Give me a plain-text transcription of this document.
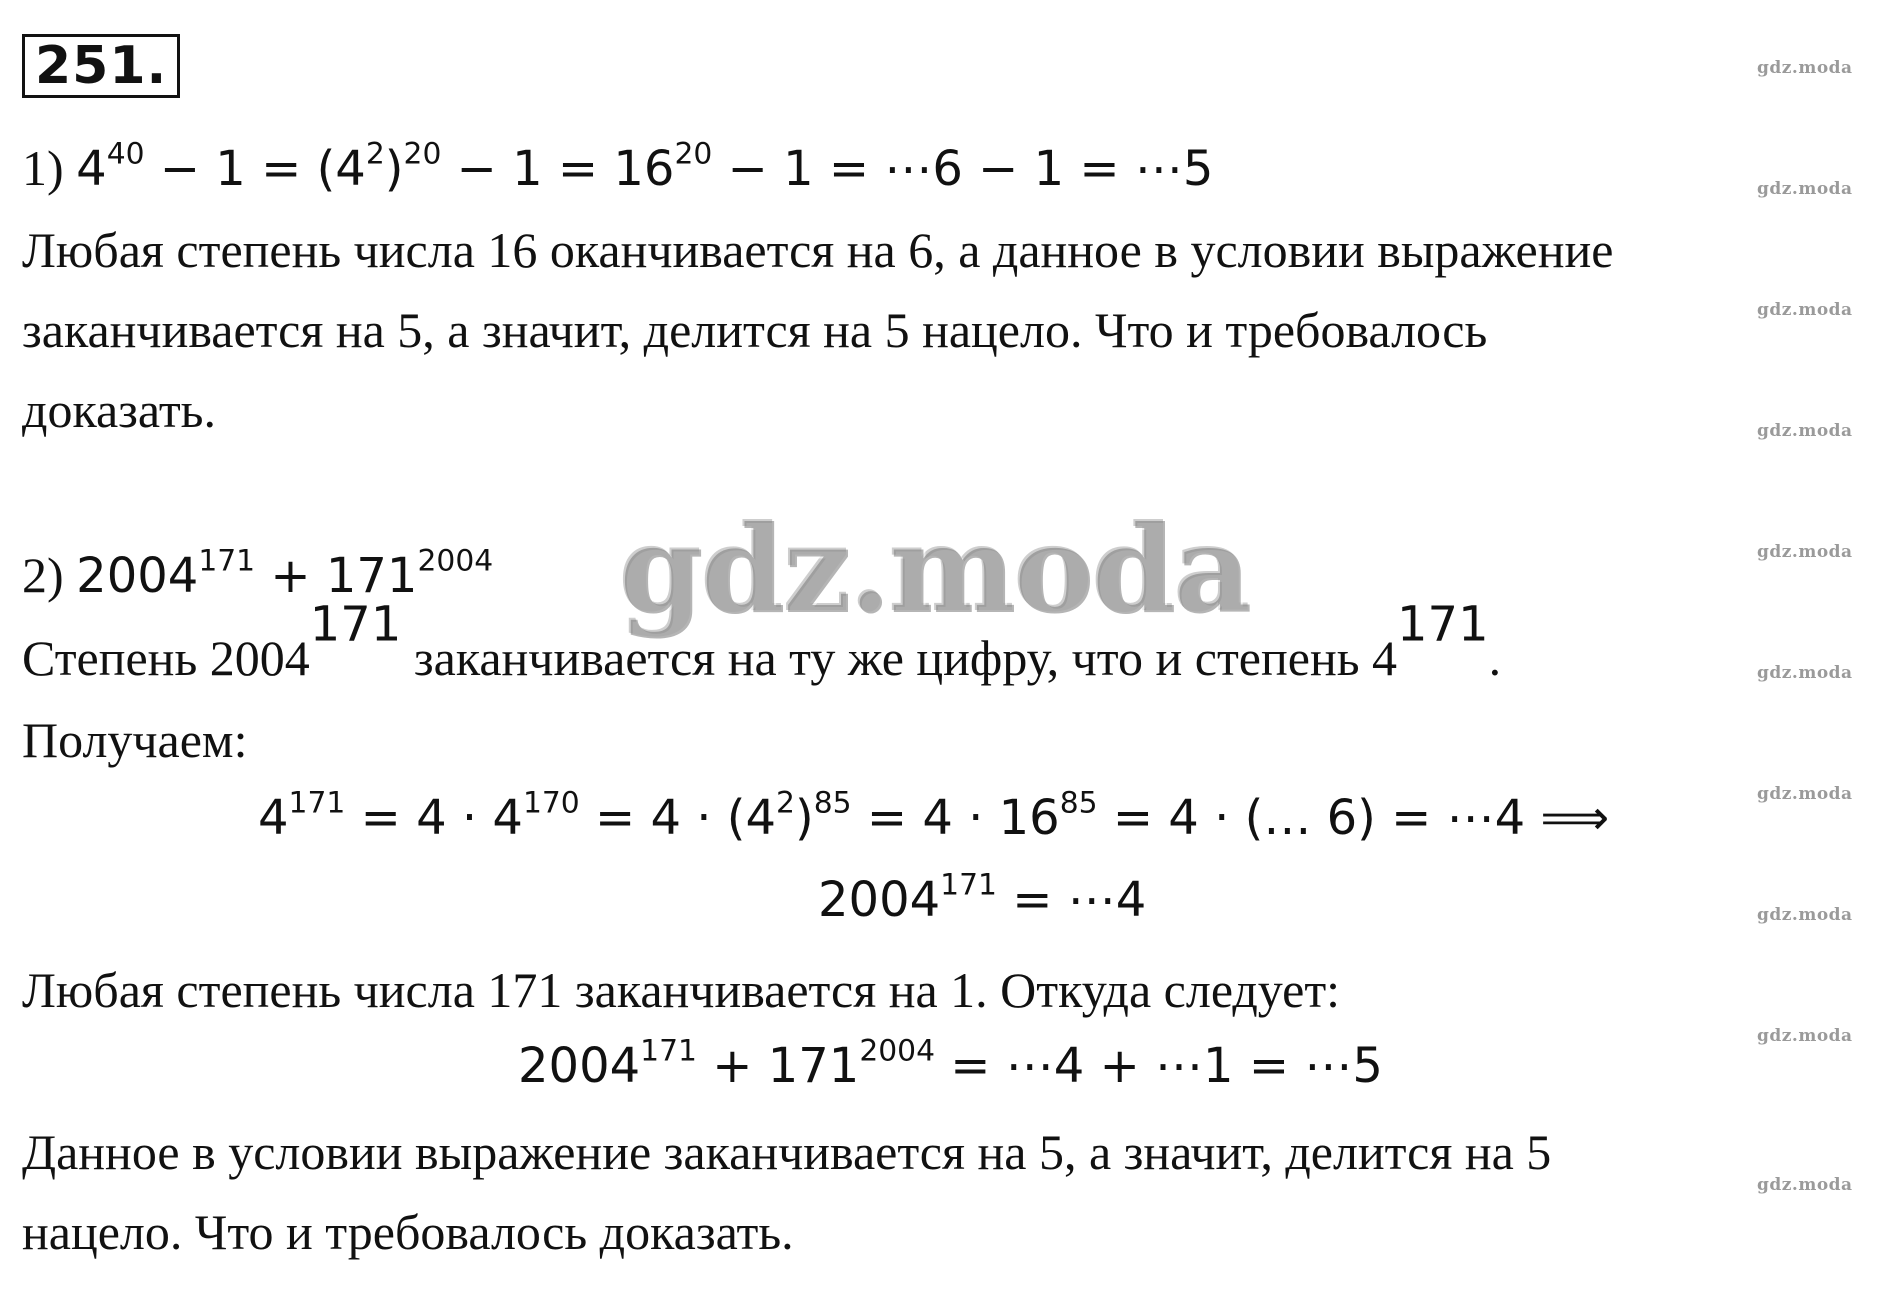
251.
1) $4^{40} - 1 = (4^2)^{20} - 1 = 16^{20} - 1$ = ⋯6 − 1 = ⋯5
Любая степень числа 16 оканчивается на 6, а данное в условии выражение
заканчивается на 5, а значит, делится на 5 нацело. Что и требовалось
доказать.
2) $2004^{171} + 171^{2004}$
Степень 2004$^{171}$ заканчивается на ту же цифру, что и степень $4^{171}$.
Получаем:
$4^{171} = 4 \cdot 4^{170} = 4 \cdot (4^2)^{85} = 4 \cdot 16^{85} = 4$ · (… 6) = ⋯4 ⟹
$2004^{171}$ = ⋯4
Любая степень числа 171 заканчивается на 1. Откуда следует:
$2004^{171} + 171^{2004}$ = ⋯4 + ⋯1 = ⋯5
Данное в условии выражение заканчивается на 5, а значит, делится на 5
нацело. Что и требовалось доказать.
gdz.moda
gdz.moda
gdz.moda
gdz.moda
gdz.moda
gdz.moda
gdz.moda
gdz.moda
gdz.moda
gdz.moda
gdz.moda
